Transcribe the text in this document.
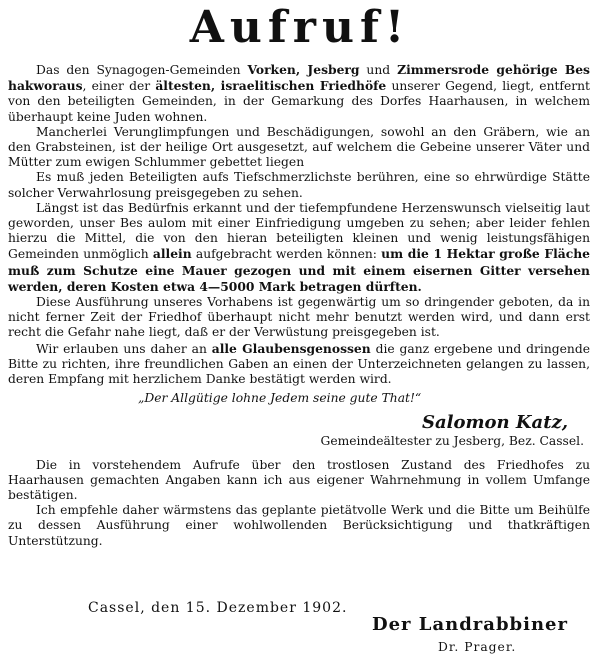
Aufruf!

Das den Synagogen-Gemeinden Vorken, Jesberg und Zimmersrode gehörige Bes hakworaus, einer der ältesten, israelitischen Friedhöfe unserer Gegend, liegt, entfernt von den beteiligten Gemeinden, in der Gemarkung des Dorfes Haarhausen, in welchem überhaupt keine Juden wohnen.

Mancherlei Verunglimpfungen und Beschädigungen, sowohl an den Gräbern, wie an den Grabsteinen, ist der heilige Ort ausgesetzt, auf welchem die Gebeine unserer Väter und Mütter zum ewigen Schlummer gebettet liegen

Es muß jeden Beteiligten aufs Tiefschmerzlichste berühren, eine so ehrwürdige Stätte solcher Verwahrlosung preisgegeben zu sehen.

Längst ist das Bedürfnis erkannt und der tiefempfundene Herzenswunsch vielseitig laut geworden, unser Bes aulom mit einer Einfriedigung umgeben zu sehen; aber leider fehlen hierzu die Mittel, die von den hieran beteiligten kleinen und wenig leistungsfähigen Gemeinden unmöglich allein aufgebracht werden können: um die 1 Hektar große Fläche muß zum Schutze eine Mauer gezogen und mit einem eisernen Gitter versehen werden, deren Kosten etwa 4—5000 Mark betragen dürften.

Diese Ausführung unseres Vorhabens ist gegenwärtig um so dringender geboten, da in nicht ferner Zeit der Friedhof überhaupt nicht mehr benutzt werden wird, und dann erst recht die Gefahr nahe liegt, daß er der Verwüstung preisgegeben ist.

Wir erlauben uns daher an alle Glaubensgenossen die ganz ergebene und dringende Bitte zu richten, ihre freundlichen Gaben an einen der Unterzeichneten gelangen zu lassen, deren Empfang mit herzlichem Danke bestätigt werden wird.

„Der Allgütige lohne Jedem seine gute That!“

Salomon Katz,

Gemeindeältester zu Jesberg, Bez. Cassel.

Die in vorstehendem Aufrufe über den trostlosen Zustand des Friedhofes zu Haarhausen gemachten Angaben kann ich aus eigener Wahrnehmung in vollem Umfange bestätigen.

Ich empfehle daher wärmstens das geplante pietätvolle Werk und die Bitte um Beihülfe zu dessen Ausführung einer wohlwollenden Berücksichtigung und thatkräftigen Unterstützung.

Cassel, den 15. Dezember 1902.
Der Landrabbiner
Dr. Prager.
